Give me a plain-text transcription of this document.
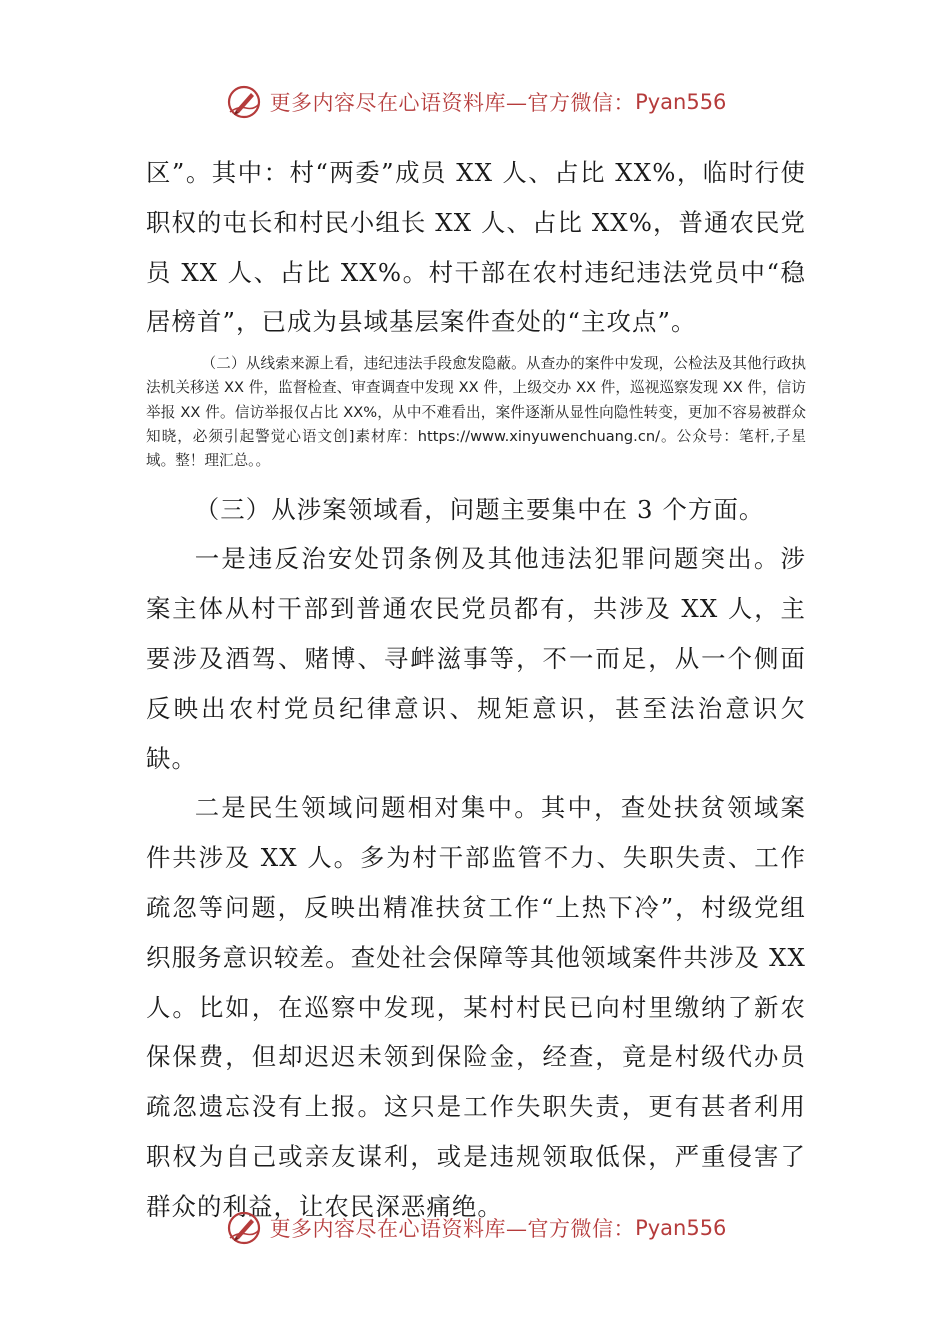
更多内容尽在心语资料库—官方微信： Pyan556

区”。其中：村“两委”成员 XX 人、占比 XX%，临时行使职权的屯长和村民小组长 XX 人、占比 XX%，普通农民党员 XX 人、占比 XX%。村干部在农村违纪违法党员中“稳居榜首”，已成为县域基层案件查处的“主攻点”。

（二）从线索来源上看，违纪违法手段愈发隐蔽。从查办的案件中发现，公检法及其他行政执法机关移送 XX 件，监督检查、审查调查中发现 XX 件，上级交办 XX 件，巡视巡察发现 XX 件，信访举报 XX 件。信访举报仅占比 XX%，从中不难看出，案件逐渐从显性向隐性转变，更加不容易被群众知晓，必须引起警觉心语文创]素材库：https://www.xinyuwenchuang.cn/。公众号：笔杆,子星域。整！理汇总。。

（三）从涉案领域看，问题主要集中在 3 个方面。

一是违反治安处罚条例及其他违法犯罪问题突出。涉案主体从村干部到普通农民党员都有，共涉及 XX 人，主要涉及酒驾、赌博、寻衅滋事等，不一而足，从一个侧面反映出农村党员纪律意识、规矩意识，甚至法治意识欠缺。

二是民生领域问题相对集中。其中，查处扶贫领域案件共涉及 XX 人。多为村干部监管不力、失职失责、工作疏忽等问题，反映出精准扶贫工作“上热下冷”，村级党组织服务意识较差。查处社会保障等其他领域案件共涉及 XX 人。比如，在巡察中发现，某村村民已向村里缴纳了新农保保费，但却迟迟未领到保险金，经查，竟是村级代办员疏忽遗忘没有上报。这只是工作失职失责，更有甚者利用职权为自己或亲友谋利，或是违规领取低保，严重侵害了群众的利益，让农民深恶痛绝。

更多内容尽在心语资料库—官方微信： Pyan556
